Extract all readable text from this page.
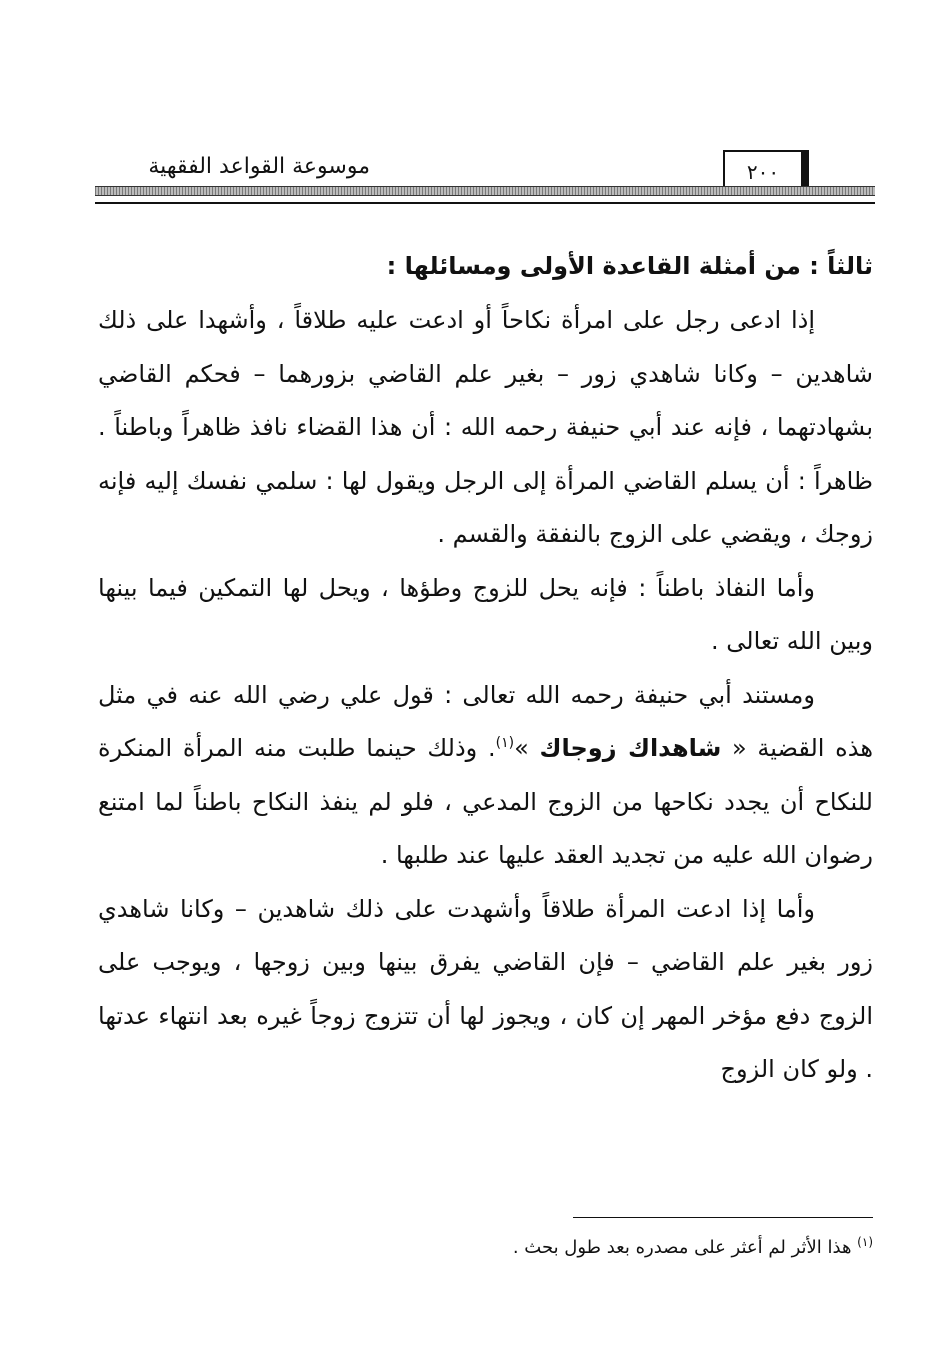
موسوعة القواعد الفقهية	٢٠٠

ثالثاً : من أمثلة القاعدة الأولى ومسائلها :

إذا ادعى رجل على امرأة نكاحاً أو ادعت عليه طلاقاً ، وأشهدا على ذلك شاهدين – وكانا شاهدي زور – بغير علم القاضي بزورهما – فحكم القاضي بشهادتهما ، فإنه عند أبي حنيفة رحمه الله : أن هذا القضاء نافذ ظاهراً وباطناً . ظاهراً : أن يسلم القاضي المرأة إلى الرجل ويقول لها : سلمي نفسك إليه فإنه زوجك ، ويقضي على الزوج بالنفقة والقسم .

وأما النفاذ باطناً : فإنه يحل للزوج وطؤها ، ويحل لها التمكين فيما بينها وبين الله تعالى .

ومستند أبي حنيفة رحمه الله تعالى : قول علي رضي الله عنه في مثل هذه القضية « شاهداك زوجاك »$^{(١)}$. وذلك حينما طلبت منه المرأة المنكرة للنكاح أن يجدد نكاحها من الزوج المدعي ، فلو لم ينفذ النكاح باطناً لما امتنع رضوان الله عليه من تجديد العقد عليها عند طلبها .

وأما إذا ادعت المرأة طلاقاً وأشهدت على ذلك شاهدين – وكانا شاهدي زور بغير علم القاضي – فإن القاضي يفرق بينها وبين زوجها ، ويوجب على الزوج دفع مؤخر المهر إن كان ، ويجوز لها أن تتزوج زوجاً غيره بعد انتهاء عدتها . ولو كان الزوج

$^{(١)}$ هذا الأثر لم أعثر على مصدره بعد طول بحث .
